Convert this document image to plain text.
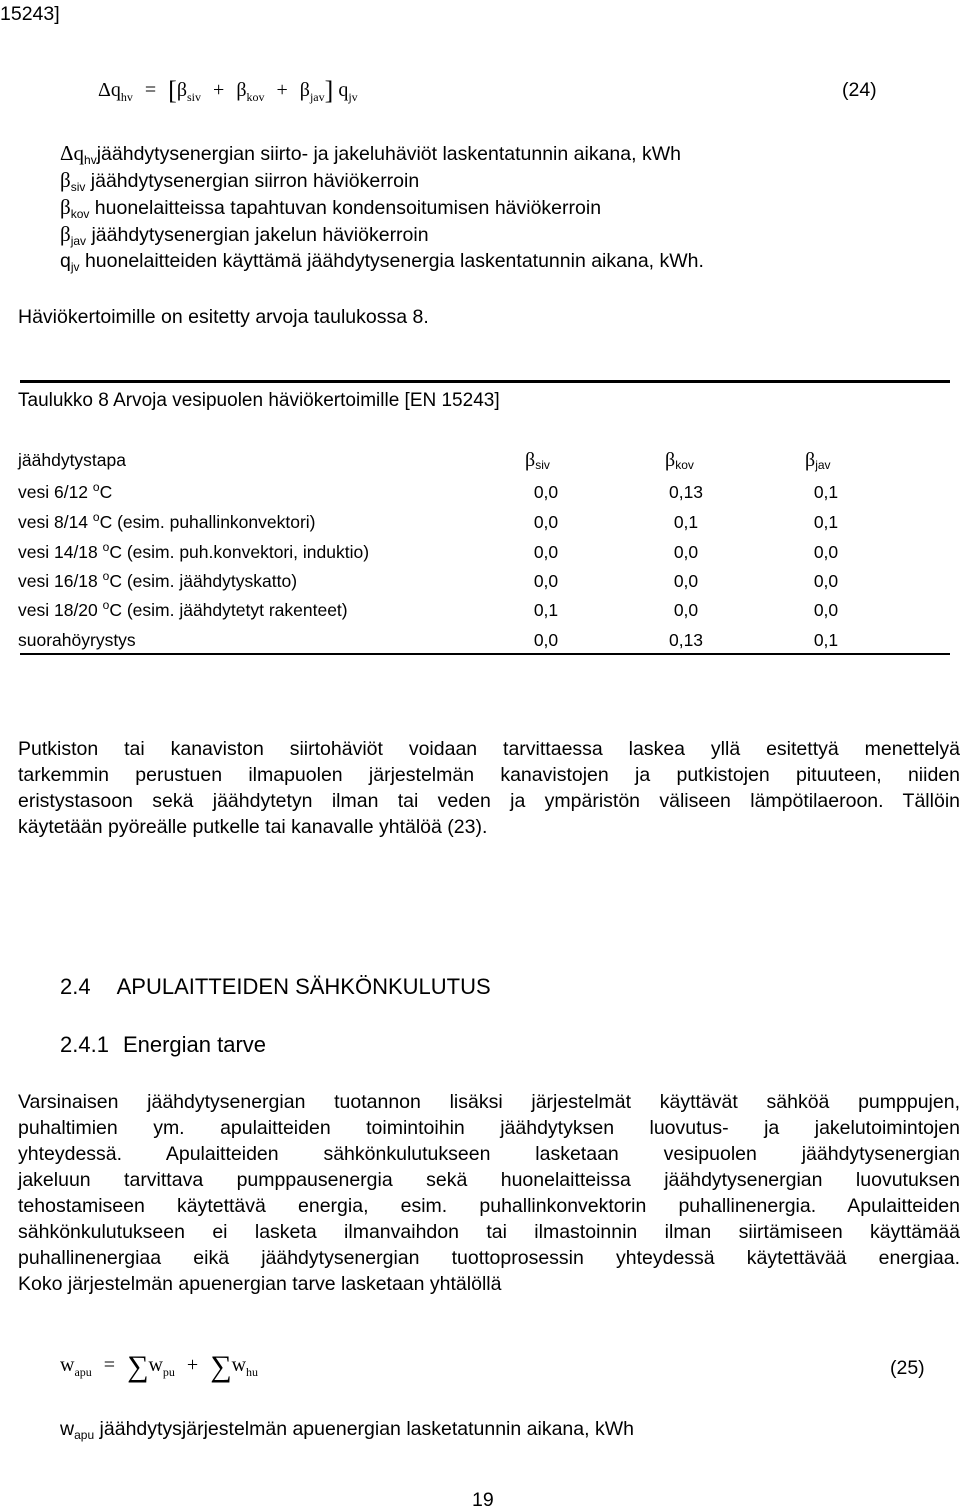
15243]
$\Delta q_{hv} = [\beta_{siv} + \beta_{kov} + \beta_{jav}]$ $q_{jv}$	(24)
$\Delta q_{hv}jäähdytysenergian$ siirto- ja jakeluhäviöt laskentatunnin aikana, kWh
$\beta_{siv}$ jäähdytysenergian siirron häviökerroin
$\beta_{kov}$ huonelaitteissa tapahtuvan kondensoitumisen häviökerroin
$\beta_{jav}$ jäähdytysenergian jakelun häviökerroin
$q_{jv}$ huonelaitteiden käyttämä jäähdytysenergia laskentatunnin aikana, kWh.
Häviökertoimille on esitetty arvoja taulukossa 8.
Taulukko 8 Arvoja vesipuolen häviökertoimille [EN 15243]
jäähdytystapa	$\beta_{siv}$	$\beta_{kov}$	$\beta_{jav}$
vesi 6/12 $^o$C	0,0	0,13	0,1
vesi 8/14 $^o$C (esim. puhallinkonvektori)	0,0	0,1	0,1
vesi 14/18 $^o$C (esim. puh.konvektori, induktio)	0,0	0,0	0,0
vesi 16/18 $^o$C (esim. jäähdytyskatto)	0,0	0,0	0,0
vesi 18/20 $^o$C (esim. jäähdytetyt rakenteet)	0,1	0,0	0,0
suorahöyrystys	0,0	0,13	0,1
Putkiston tai kanaviston siirtohäviöt voidaan tarvittaessa laskea yllä esitettyä menettelyä
tarkemmin perustuen ilmapuolen järjestelmän kanavistojen ja putkistojen pituuteen, niiden
eristystasoon sekä jäähdytetyn ilman tai veden ja ympäristön väliseen lämpötilaeroon. Tällöin
käytetään pyöreälle putkelle tai kanavalle yhtälöä (23).
2.4 APULAITTEIDEN SÄHKÖNKULUTUS
2.4.1 Energian tarve
Varsinaisen jäähdytysenergian tuotannon lisäksi järjestelmät käyttävät sähköä pumppujen,
puhaltimien ym. apulaitteiden toimintoihin jäähdytyksen luovutus- ja jakelutoimintojen
yhteydessä. Apulaitteiden sähkönkulutukseen lasketaan vesipuolen jäähdytysenergian
jakeluun tarvittava pumppausenergia sekä huonelaitteissa jäähdytysenergian luovutuksen
tehostamiseen käytettävä energia, esim. puhallinkonvektorin puhallinenergia. Apulaitteiden
sähkönkulutukseen ei lasketa ilmanvaihdon tai ilmastoinnin ilman siirtämiseen käyttämää
puhallinenergiaa eikä jäähdytysenergian tuottoprosessin yhteydessä käytettävää energiaa.
Koko järjestelmän apuenergian tarve lasketaan yhtälöllä
$w_{apu} = \sum w_{pu} + \sum w_{hu}$	(25)
$w_{apu}$ jäähdytysjärjestelmän apuenergian lasketatunnin aikana, kWh
19
